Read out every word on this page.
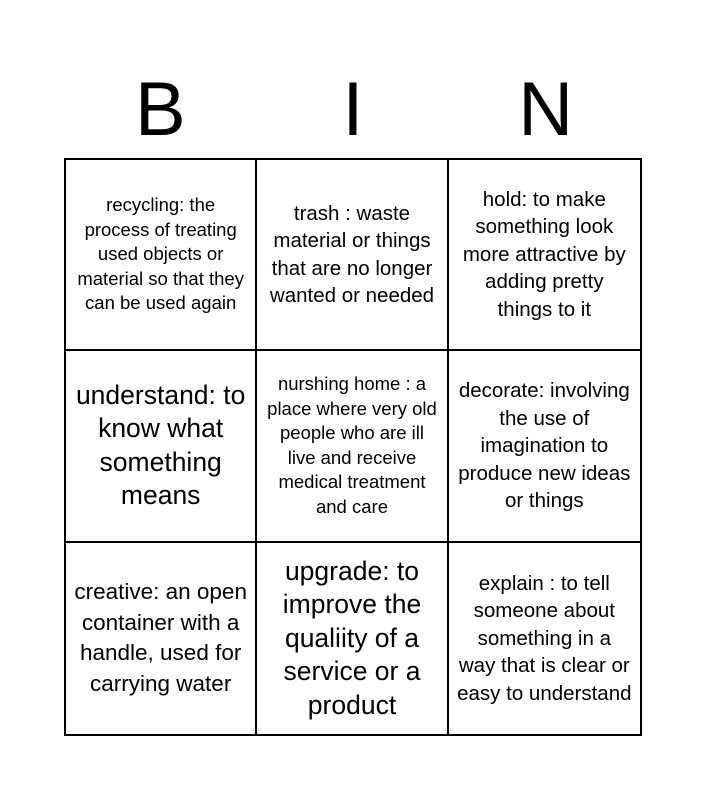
B	I	N
recycling: the process of treating used objects or material so that they can be used again
trash : waste material or things that are no longer wanted or needed
hold: to make something look more attractive by adding pretty things to it
understand: to know what something means
nurshing home : a place where very old people who are ill live and receive medical treatment and care
decorate: involving the use of imagination to produce new ideas or things
creative: an open container with a handle, used for carrying water
upgrade: to improve the qualiity of a service or a product
explain : to tell someone about something in a way that is clear or easy to understand
